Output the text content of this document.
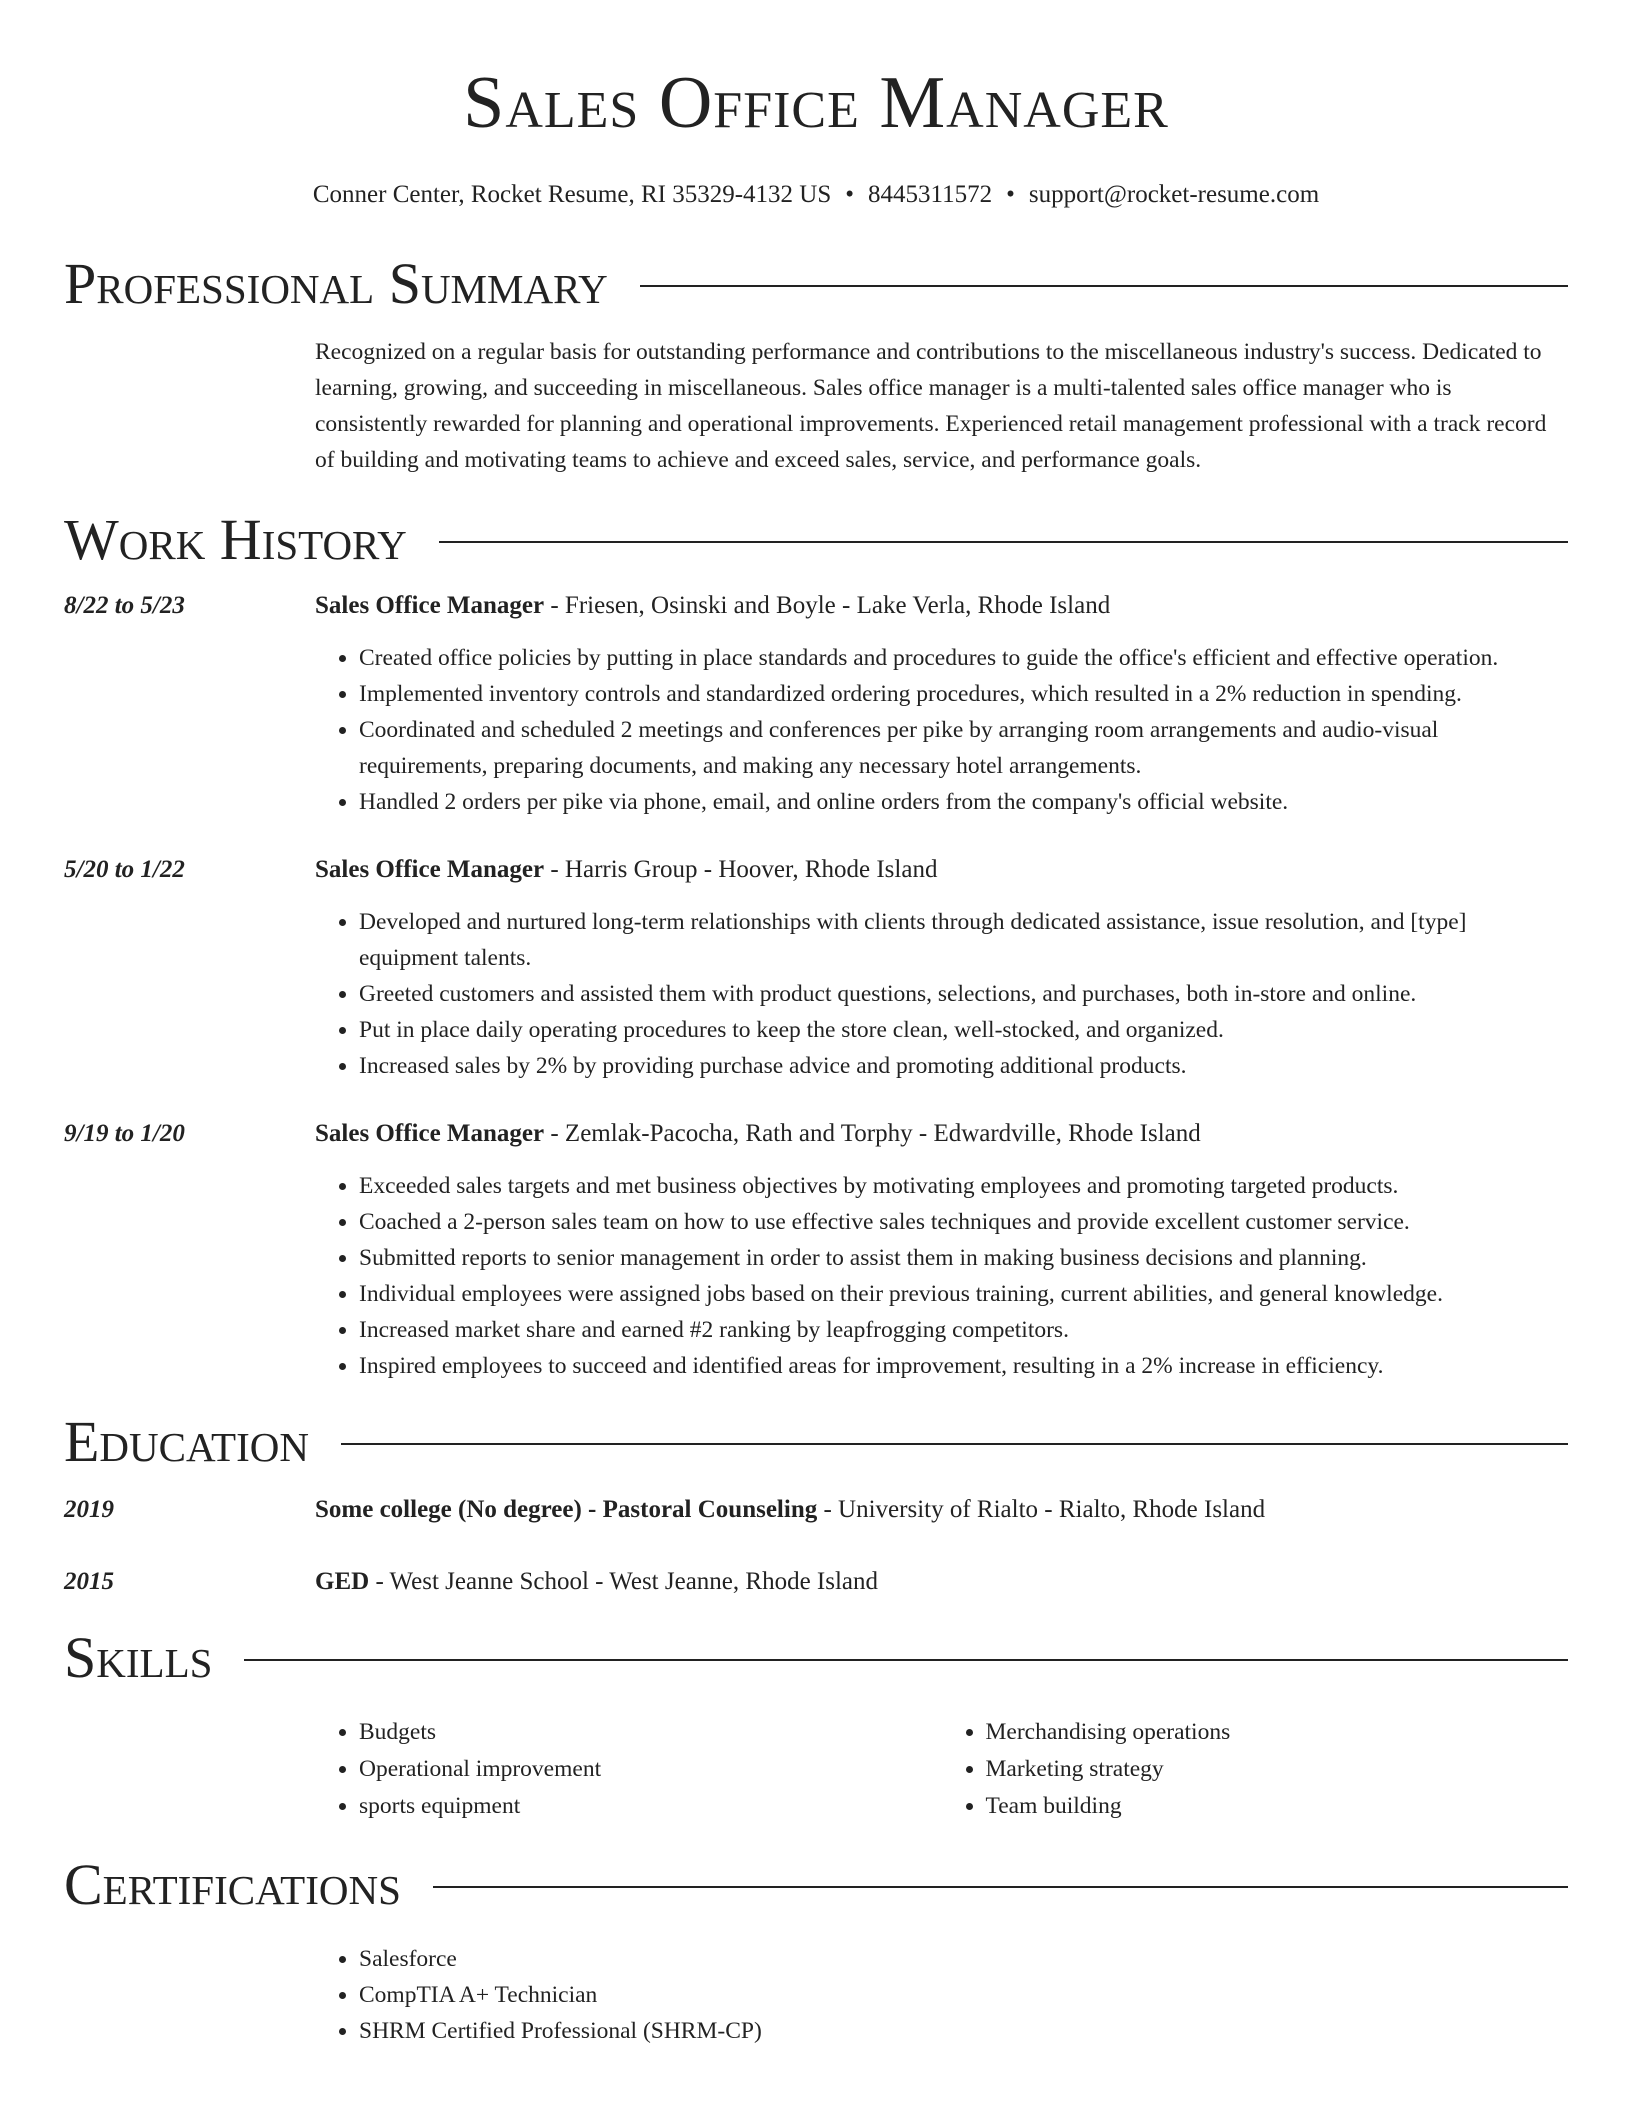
Sales Office Manager
Conner Center, Rocket Resume, RI 35329-4132 US • 8445311572 • support@rocket-resume.com
Professional Summary
Recognized on a regular basis for outstanding performance and contributions to the miscellaneous industry's success. Dedicated to learning, growing, and succeeding in miscellaneous. Sales office manager is a multi-talented sales office manager who is consistently rewarded for planning and operational improvements. Experienced retail management professional with a track record of building and motivating teams to achieve and exceed sales, service, and performance goals.
Work History
8/22 to 5/23	Sales Office Manager - Friesen, Osinski and Boyle - Lake Verla, Rhode Island
• Created office policies by putting in place standards and procedures to guide the office's efficient and effective operation.
• Implemented inventory controls and standardized ordering procedures, which resulted in a 2% reduction in spending.
• Coordinated and scheduled 2 meetings and conferences per pike by arranging room arrangements and audio-visual requirements, preparing documents, and making any necessary hotel arrangements.
• Handled 2 orders per pike via phone, email, and online orders from the company's official website.
5/20 to 1/22	Sales Office Manager - Harris Group - Hoover, Rhode Island
• Developed and nurtured long-term relationships with clients through dedicated assistance, issue resolution, and [type] equipment talents.
• Greeted customers and assisted them with product questions, selections, and purchases, both in-store and online.
• Put in place daily operating procedures to keep the store clean, well-stocked, and organized.
• Increased sales by 2% by providing purchase advice and promoting additional products.
9/19 to 1/20	Sales Office Manager - Zemlak-Pacocha, Rath and Torphy - Edwardville, Rhode Island
• Exceeded sales targets and met business objectives by motivating employees and promoting targeted products.
• Coached a 2-person sales team on how to use effective sales techniques and provide excellent customer service.
• Submitted reports to senior management in order to assist them in making business decisions and planning.
• Individual employees were assigned jobs based on their previous training, current abilities, and general knowledge.
• Increased market share and earned #2 ranking by leapfrogging competitors.
• Inspired employees to succeed and identified areas for improvement, resulting in a 2% increase in efficiency.
Education
2019	Some college (No degree) - Pastoral Counseling - University of Rialto - Rialto, Rhode Island
2015	GED - West Jeanne School - West Jeanne, Rhode Island
Skills
• Budgets
• Operational improvement
• sports equipment
• Merchandising operations
• Marketing strategy
• Team building
Certifications
• Salesforce
• CompTIA A+ Technician
• SHRM Certified Professional (SHRM-CP)
